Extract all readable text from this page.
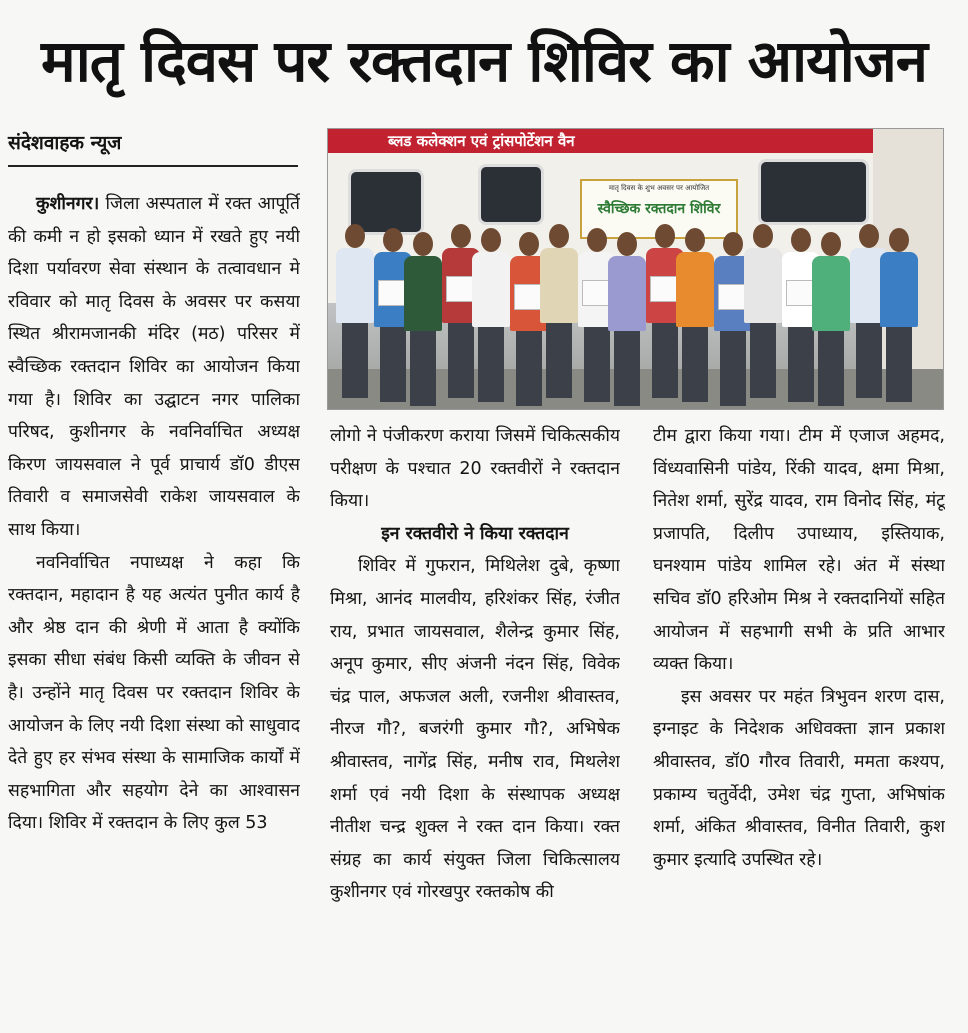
मातृ दिवस पर रक्तदान शिविर का आयोजन
संदेशवाहक न्यूज

कुशीनगर। जिला अस्पताल में रक्त आपूर्ति की कमी न हो इसको ध्यान में रखते हुए नयी दिशा पर्यावरण सेवा संस्थान के तत्वावधान मे रविवार को मातृ दिवस के अवसर पर कसया स्थित श्रीरामजानकी मंदिर (मठ) परिसर में स्वैच्छिक रक्तदान शिविर का आयोजन किया गया है। शिविर का उद्घाटन नगर पालिका परिषद, कुशीनगर के नवनिर्वाचित अध्यक्ष किरण जायसवाल ने पूर्व प्राचार्य डॉ0 डीएस तिवारी व समाजसेवी राकेश जायसवाल के साथ किया।

नवनिर्वाचित नपाध्यक्ष ने कहा कि रक्तदान, महादान है यह अत्यंत पुनीत कार्य है और श्रेष्ठ दान की श्रेणी में आता है क्योंकि इसका सीधा संबंध किसी व्यक्ति के जीवन से है। उन्होंने मातृ दिवस पर रक्तदान शिविर के आयोजन के लिए नयी दिशा संस्था को साधुवाद देते हुए हर संभव संस्था के सामाजिक कार्यों में सहभागिता और सहयोग देने का आश्वासन दिया। शिविर में रक्तदान के लिए कुल 53

ब्लड कलेक्शन एवं ट्रांसपोर्टेशन वैन
मातृ दिवस के शुभ अवसर पर आयोजित
स्वैच्छिक रक्तदान शिविर

लोगो ने पंजीकरण कराया जिसमें चिकित्सकीय परीक्षण के पश्चात 20 रक्तवीरों ने रक्तदान किया।

इन रक्तवीरो ने किया रक्तदान

शिविर में गुफरान, मिथिलेश दुबे, कृष्णा मिश्रा, आनंद मालवीय, हरिशंकर सिंह, रंजीत राय, प्रभात जायसवाल, शैलेन्द्र कुमार सिंह, अनूप कुमार, सीए अंजनी नंदन सिंह, विवेक चंद्र पाल, अफजल अली, रजनीश श्रीवास्तव, नीरज गौ?, बजरंगी कुमार गौ?, अभिषेक श्रीवास्तव, नागेंद्र सिंह, मनीष राव, मिथलेश शर्मा एवं नयी दिशा के संस्थापक अध्यक्ष नीतीश चन्द्र शुक्ल ने रक्त दान किया। रक्त संग्रह का कार्य संयुक्त जिला चिकित्सालय कुशीनगर एवं गोरखपुर रक्तकोष की

टीम द्वारा किया गया। टीम में एजाज अहमद, विंध्यवासिनी पांडेय, रिंकी यादव, क्षमा मिश्रा, नितेश शर्मा, सुरेंद्र यादव, राम विनोद सिंह, मंटू प्रजापति, दिलीप उपाध्याय, इस्तियाक, घनश्याम पांडेय शामिल रहे। अंत में संस्था सचिव डॉ0 हरिओम मिश्र ने रक्तदानियों सहित आयोजन में सहभागी सभी के प्रति आभार व्यक्त किया।

इस अवसर पर महंत त्रिभुवन शरण दास, इग्नाइट के निदेशक अधिवक्ता ज्ञान प्रकाश श्रीवास्तव, डॉ0 गौरव तिवारी, ममता कश्यप, प्रकाम्य चतुर्वेदी, उमेश चंद्र गुप्ता, अभिषांक शर्मा, अंकित श्रीवास्तव, विनीत तिवारी, कुश कुमार इत्यादि उपस्थित रहे।
